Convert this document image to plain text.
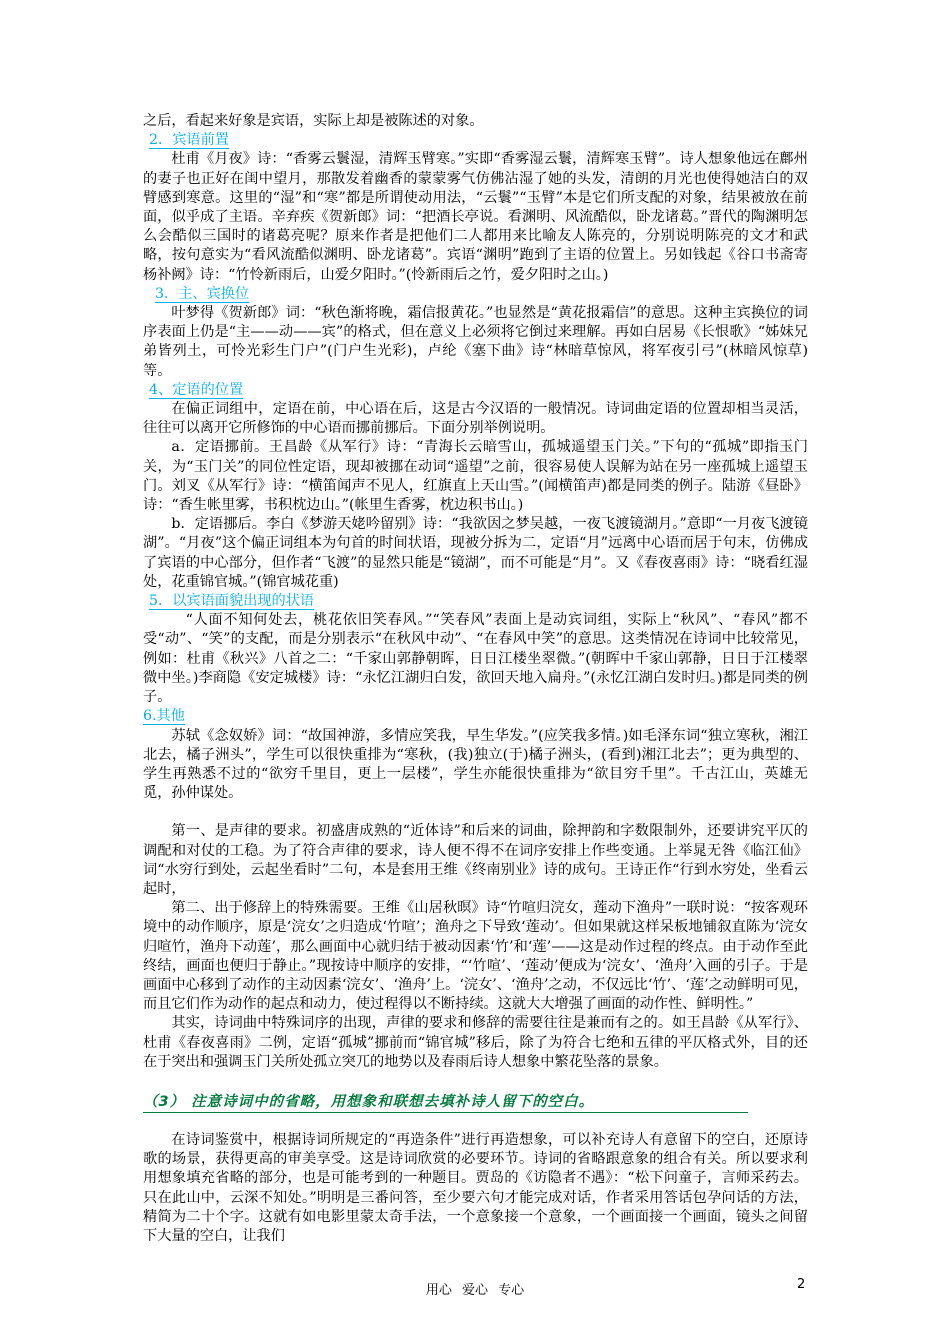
之后，看起来好象是宾语，实际上却是被陈述的对象。

2．宾语前置

杜甫《月夜》诗：“香雾云鬟湿，清辉玉臂寒。”实即“香雾湿云鬟，清辉寒玉臂”。诗人想象他远在鄜州的妻子也正好在闺中望月，那散发着幽香的蒙蒙雾气仿佛沾湿了她的头发，清朗的月光也使得她洁白的双臂感到寒意。这里的“湿”和“寒”都是所谓使动用法，“云鬟”“玉臂”本是它们所支配的对象，结果被放在前面，似乎成了主语。辛弃疾《贺新郎》词：“把酒长亭说。看渊明、风流酷似，卧龙诸葛。”晋代的陶渊明怎么会酷似三国时的诸葛亮呢？原来作者是把他们二人都用来比喻友人陈亮的，分别说明陈亮的文才和武略，按句意实为“看风流酷似渊明、卧龙诸葛”。宾语“渊明”跑到了主语的位置上。另如钱起《谷口书斋寄杨补阙》诗：“竹怜新雨后，山爱夕阳时。”(怜新雨后之竹，爱夕阳时之山。)

3．主、宾换位

叶梦得《贺新郎》词：“秋色渐将晚，霜信报黄花。”也显然是“黄花报霜信”的意思。这种主宾换位的词序表面上仍是“主——动——宾”的格式，但在意义上必须将它倒过来理解。再如白居易《长恨歌》“姊妹兄弟皆列土，可怜光彩生门户”(门户生光彩)，卢纶《塞下曲》诗“林暗草惊风，将军夜引弓”(林暗风惊草)等。

4、定语的位置

在偏正词组中，定语在前，中心语在后，这是古今汉语的一般情况。诗词曲定语的位置却相当灵活，往往可以离开它所修饰的中心语而挪前挪后。下面分别举例说明。

a．定语挪前。王昌龄《从军行》诗：“青海长云暗雪山，孤城遥望玉门关。”下句的“孤城”即指玉门关，为“玉门关”的同位性定语，现却被挪在动词“遥望”之前，很容易使人误解为站在另一座孤城上遥望玉门。刘叉《从军行》诗：“横笛闻声不见人，红旗直上天山雪。”(闻横笛声)都是同类的例子。陆游《昼卧》诗：“香生帐里雾，书积枕边山。”(帐里生香雾，枕边积书山。)

b．定语挪后。李白《梦游天姥吟留别》诗：“我欲因之梦吴越，一夜飞渡镜湖月。”意即“一月夜飞渡镜湖”。“月夜”这个偏正词组本为句首的时间状语，现被分拆为二，定语“月”远离中心语而居于句末，仿佛成了宾语的中心部分，但作者“飞渡”的显然只能是“镜湖”，而不可能是“月”。又《春夜喜雨》诗：“晓看红湿处，花重锦官城。”(锦官城花重)

5．以宾语面貌出现的状语

“人面不知何处去，桃花依旧笑春风。”“笑春风”表面上是动宾词组，实际上“秋风”、“春风”都不受“动”、“笑”的支配，而是分别表示“在秋风中动”、“在春风中笑”的意思。这类情况在诗词中比较常见，例如：杜甫《秋兴》八首之二：“千家山郭静朝晖，日日江楼坐翠微。”(朝晖中千家山郭静，日日于江楼翠微中坐。)李商隐《安定城楼》诗：“永忆江湖归白发，欲回天地入扁舟。”(永忆江湖白发时归。)都是同类的例子。

6.其他

苏轼《念奴娇》词：“故国神游，多情应笑我，早生华发。”(应笑我多情。)如毛泽东词“独立寒秋，湘江北去，橘子洲头”，学生可以很快重排为“寒秋，(我)独立(于)橘子洲头，(看到)湘江北去”；更为典型的、学生再熟悉不过的“欲穷千里目，更上一层楼”，学生亦能很快重排为“欲目穷千里”。千古江山，英雄无觅，孙仲谋处。

第一、是声律的要求。初盛唐成熟的“近体诗”和后来的词曲，除押韵和字数限制外，还要讲究平仄的调配和对仗的工稳。为了符合声律的要求，诗人便不得不在词序安排上作些变通。上举晁无咎《临江仙》词“水穷行到处，云起坐看时”二句，本是套用王维《终南别业》诗的成句。王诗正作“行到水穷处，坐看云起时，

第二、出于修辞上的特殊需要。王维《山居秋暝》诗“竹喧归浣女，莲动下渔舟”一联时说：“按客观环境中的动作顺序，原是‘浣女’之归造成‘竹喧’；渔舟之下导致‘莲动’。但如果就这样呆板地铺叙直陈为‘浣女归喧竹，渔舟下动莲’，那么画面中心就归结于被动因素‘竹’和‘莲’——这是动作过程的终点。由于动作至此终结，画面也便归于静止。”现按诗中顺序的安排，“‘竹喧’、‘莲动’便成为‘浣女’、‘渔舟’入画的引子。于是画面中心移到了动作的主动因素‘浣女’、‘渔舟’上。‘浣女’、‘渔舟’之动，不仅远比‘竹’、‘莲’之动鲜明可见，而且它们作为动作的起点和动力，使过程得以不断持续。这就大大增强了画面的动作性、鲜明性。”

其实，诗词曲中特殊词序的出现，声律的要求和修辞的需要往往是兼而有之的。如王昌龄《从军行》、杜甫《春夜喜雨》二例，定语“孤城”挪前而“锦官城”移后，除了为符合七绝和五律的平仄格式外，目的还在于突出和强调玉门关所处孤立突兀的地势以及春雨后诗人想象中繁花坠落的景象。

（3） 注意诗词中的省略，用想象和联想去填补诗人留下的空白。

在诗词鉴赏中，根据诗词所规定的“再造条件”进行再造想象，可以补充诗人有意留下的空白，还原诗歌的场景，获得更高的审美享受。这是诗词欣赏的必要环节。诗词的省略跟意象的组合有关。所以要求利用想象填充省略的部分，也是可能考到的一种题目。贾岛的《访隐者不遇》：“松下问童子，言师采药去。只在此山中，云深不知处。”明明是三番问答，至少要六句才能完成对话，作者采用答话包孕问话的方法，精简为二十个字。这就有如电影里蒙太奇手法，一个意象接一个意象，一个画面接一个画面，镜头之间留下大量的空白，让我们

用心 爱心 专心	2
